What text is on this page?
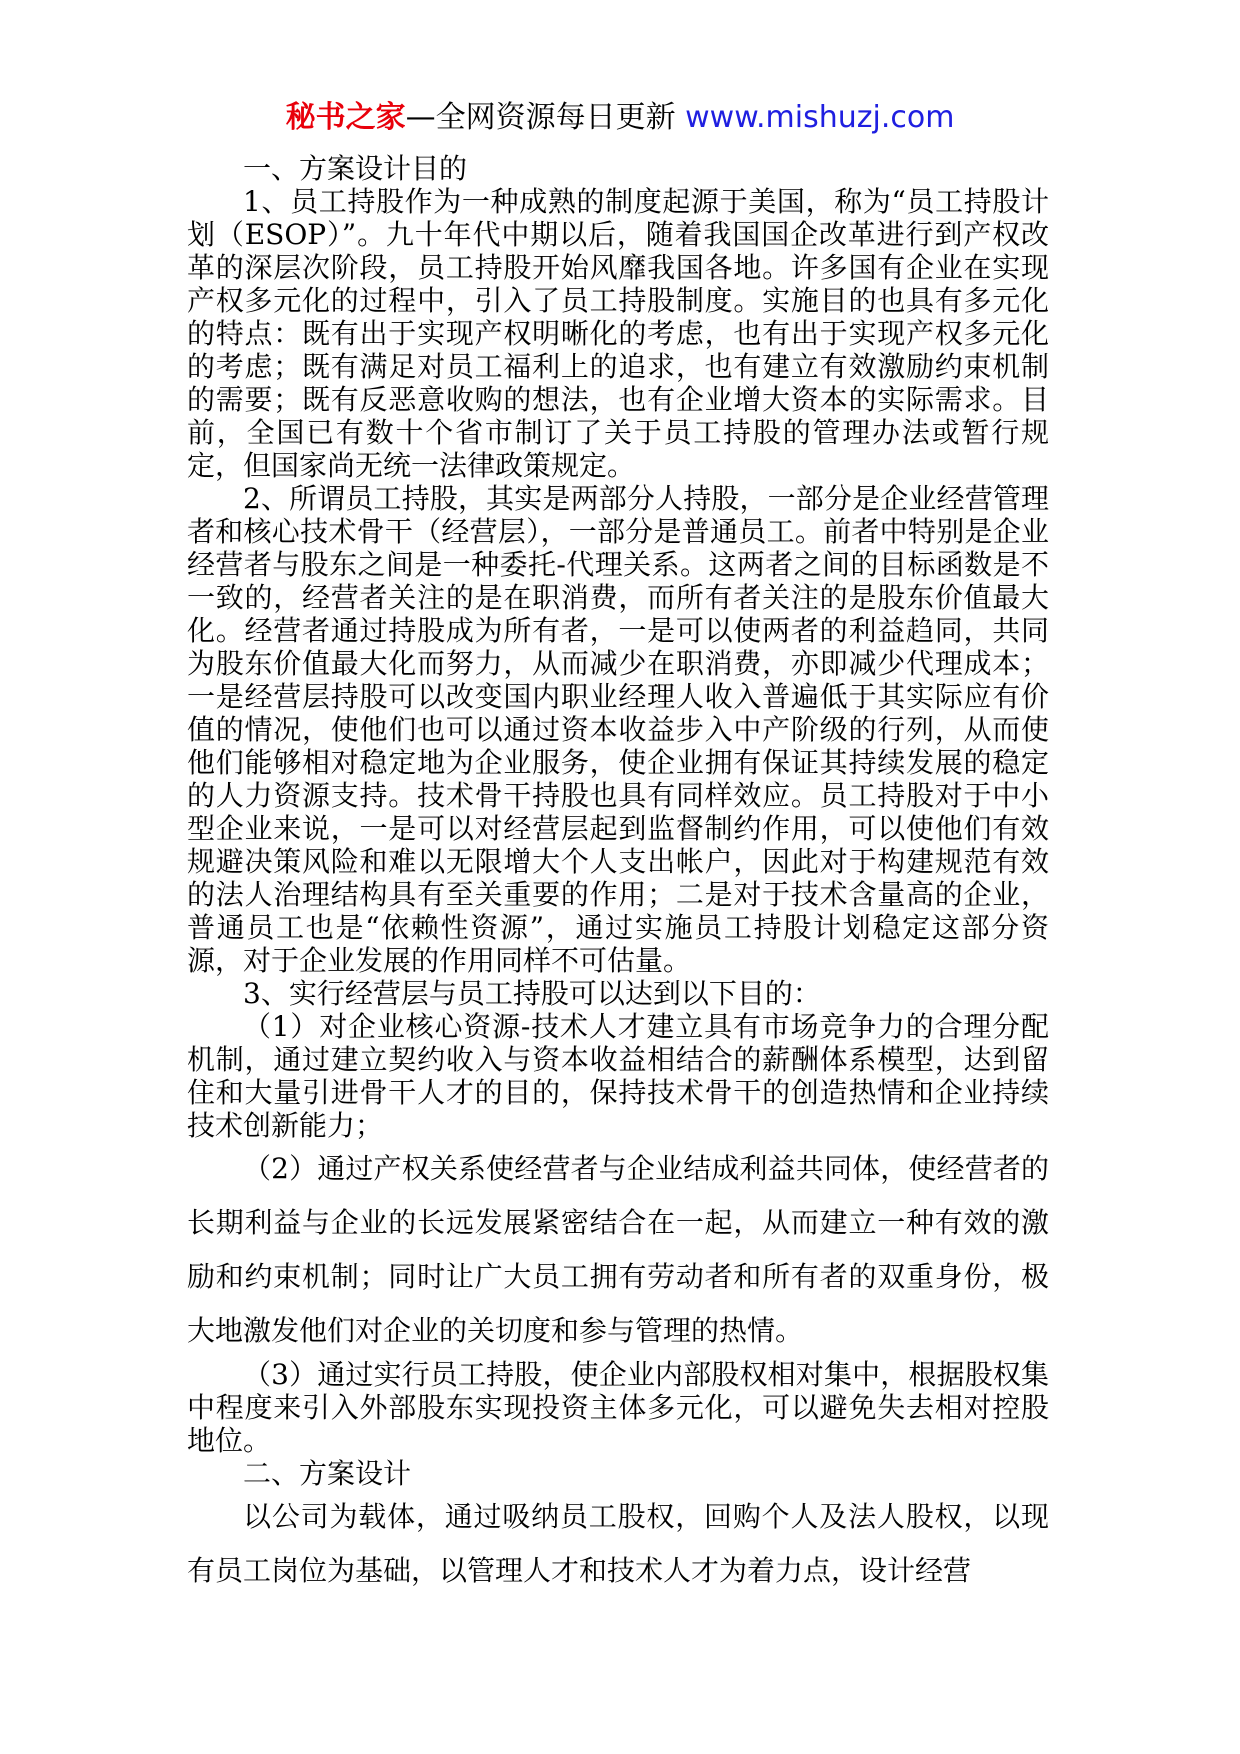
秘书之家—全网资源每日更新 www.mishuzj.com

一、方案设计目的

1、员工持股作为一种成熟的制度起源于美国，称为“员工持股计划（ESOP）”。九十年代中期以后，随着我国国企改革进行到产权改革的深层次阶段，员工持股开始风靡我国各地。许多国有企业在实现产权多元化的过程中，引入了员工持股制度。实施目的也具有多元化的特点：既有出于实现产权明晰化的考虑，也有出于实现产权多元化的考虑；既有满足对员工福利上的追求，也有建立有效激励约束机制的需要；既有反恶意收购的想法，也有企业增大资本的实际需求。目前，全国已有数十个省市制订了关于员工持股的管理办法或暂行规定，但国家尚无统一法律政策规定。

2、所谓员工持股，其实是两部分人持股，一部分是企业经营管理者和核心技术骨干（经营层），一部分是普通员工。前者中特别是企业经营者与股东之间是一种委托-代理关系。这两者之间的目标函数是不一致的，经营者关注的是在职消费，而所有者关注的是股东价值最大化。经营者通过持股成为所有者，一是可以使两者的利益趋同，共同为股东价值最大化而努力，从而减少在职消费，亦即减少代理成本；一是经营层持股可以改变国内职业经理人收入普遍低于其实际应有价值的情况，使他们也可以通过资本收益步入中产阶级的行列，从而使他们能够相对稳定地为企业服务，使企业拥有保证其持续发展的稳定的人力资源支持。技术骨干持股也具有同样效应。员工持股对于中小型企业来说，一是可以对经营层起到监督制约作用，可以使他们有效规避决策风险和难以无限增大个人支出帐户，因此对于构建规范有效的法人治理结构具有至关重要的作用；二是对于技术含量高的企业，普通员工也是“依赖性资源”，通过实施员工持股计划稳定这部分资源，对于企业发展的作用同样不可估量。

3、实行经营层与员工持股可以达到以下目的：

（1）对企业核心资源-技术人才建立具有市场竞争力的合理分配机制，通过建立契约收入与资本收益相结合的薪酬体系模型，达到留住和大量引进骨干人才的目的，保持技术骨干的创造热情和企业持续技术创新能力；

（2）通过产权关系使经营者与企业结成利益共同体，使经营者的长期利益与企业的长远发展紧密结合在一起，从而建立一种有效的激励和约束机制；同时让广大员工拥有劳动者和所有者的双重身份，极大地激发他们对企业的关切度和参与管理的热情。

（3）通过实行员工持股，使企业内部股权相对集中，根据股权集中程度来引入外部股东实现投资主体多元化，可以避免失去相对控股地位。

二、方案设计

以公司为载体，通过吸纳员工股权，回购个人及法人股权，以现有员工岗位为基础，以管理人才和技术人才为着力点，设计经营
